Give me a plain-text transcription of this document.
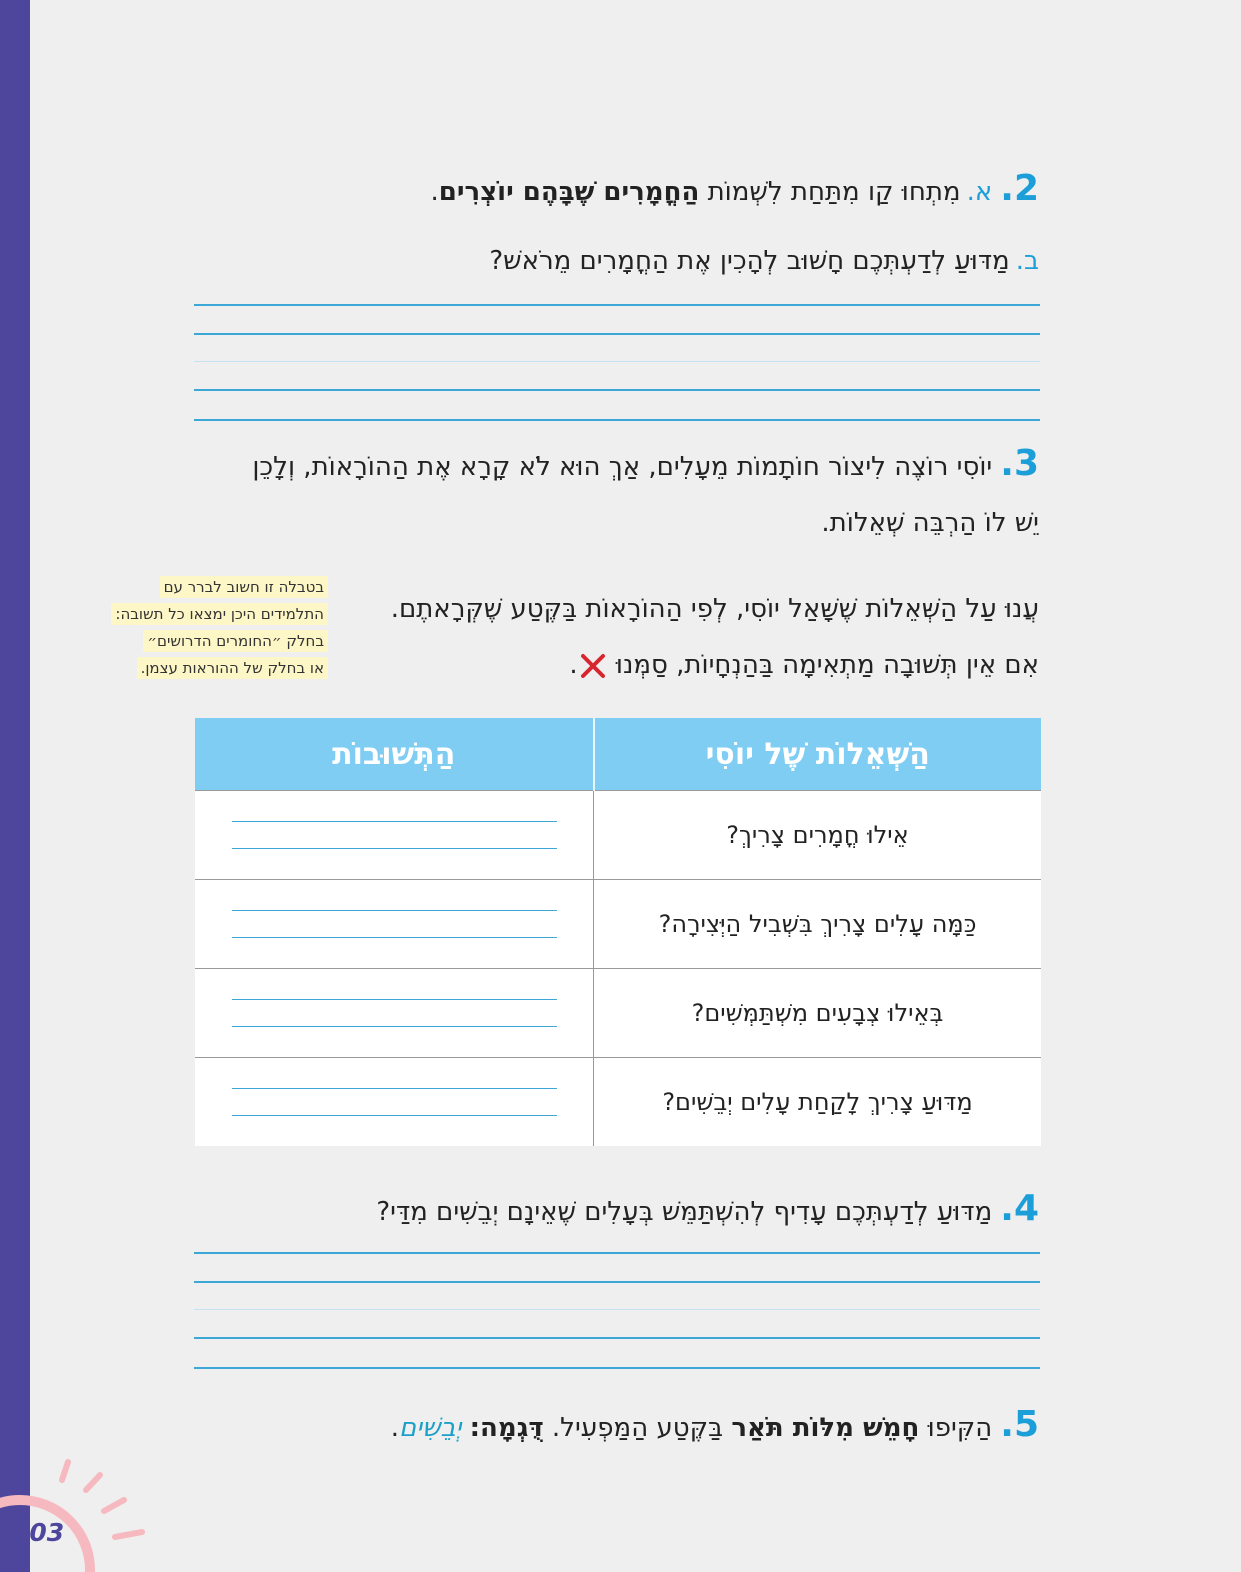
2.א.מִתְחוּ קַו מִתַּחַת לִשְׁמוֹת הַחֳמָרִים שֶׁבָּהֶם יוֹצְרִים.
ב.מַדּוּעַ לְדַעְתְּכֶם חָשׁוּב לְהָכִין אֶת הַחֳמָרִים מֵרֹאשׁ?
3.יוֹסִי רוֹצֶה לִיצוֹר חוֹתָמוֹת מֵעָלִים, אַךְ הוּא לֹא קָרָא אֶת הַהוֹרָאוֹת, וְלָכֵן
יֵשׁ לוֹ הַרְבֵּה שְׁאֵלוֹת.
עֲנוּ עַל הַשְּׁאֵלוֹת שֶׁשָּׁאַל יוֹסִי, לְפִי הַהוֹרָאוֹת בַּקֶּטַע שֶׁקְּרָאתֶם.
אִם אֵין תְּשׁוּבָה מַתְאִימָה בַּהַנְחָיוֹת, סַמְּנוּ .
בטבלה זו חשוב לברר עם
התלמידים היכן ימצאו כל תשובה:
בחלק ״החומרים הדרושים״
או בחלק של ההוראות עצמן.
הַשְּׁאֵלוֹת שֶׁל יוֹסִי	הַתְּשׁוּבוֹת
אֵילוּ חֳמָרִים צָרִיךְ?	

כַּמָּה עָלִים צָרִיךְ בִּשְׁבִיל הַיְּצִירָה?	

בְּאֵילוּ צְבָעִים מִשְׁתַּמְּשִׁים?	

מַדּוּעַ צָרִיךְ לָקַחַת עָלִים יְבֵשִׁים?	
4.מַדּוּעַ לְדַעְתְּכֶם עָדִיף לְהִשְׁתַּמֵּשׁ בְּעָלִים שֶׁאֵינָם יְבֵשִׁים מִדַּי?
5.הַקִּיפוּ חָמֵשׁ מִלּוֹת תֹּאַר בַּקֶּטַע הַמַּפְעִיל. דֻּגְמָה: יְבֵשִׁים.
103
